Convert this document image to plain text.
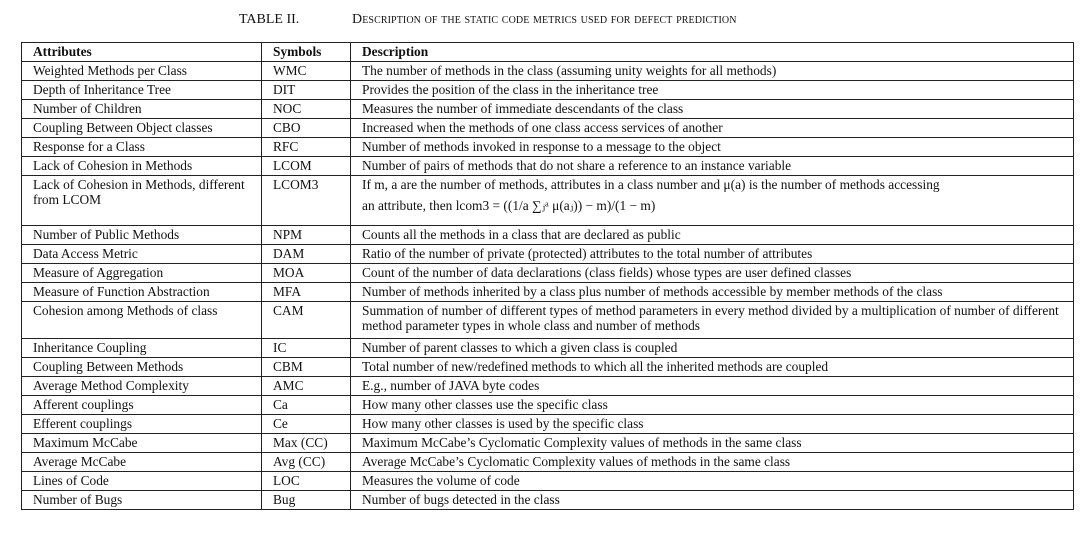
TABLE II.	Description of the static code metrics used for defect prediction
Attributes	Symbols	Description
Weighted Methods per Class	WMC	The number of methods in the class (assuming unity weights for all methods)
Depth of Inheritance Tree	DIT	Provides the position of the class in the inheritance tree
Number of Children	NOC	Measures the number of immediate descendants of the class
Coupling Between Object classes	CBO	Increased when the methods of one class access services of another
Response for a Class	RFC	Number of methods invoked in response to a message to the object
Lack of Cohesion in Methods	LCOM	Number of pairs of methods that do not share a reference to an instance variable
Lack of Cohesion in Methods, different from LCOM	LCOM3	If m, a are the number of methods, attributes in a class number and μ(a) is the number of methods accessing
an attribute, then lcom3 = ((1/a ∑ⱼᵃ μ(aⱼ)) − m)/(1 − m)

Number of Public Methods	NPM	Counts all the methods in a class that are declared as public
Data Access Metric	DAM	Ratio of the number of private (protected) attributes to the total number of attributes
Measure of Aggregation	MOA	Count of the number of data declarations (class fields) whose types are user defined classes
Measure of Function Abstraction	MFA	Number of methods inherited by a class plus number of methods accessible by member methods of the class
Cohesion among Methods of class	CAM	Summation of number of different types of method parameters in every method divided by a multiplication of number of different method parameter types in whole class and number of methods
Inheritance Coupling	IC	Number of parent classes to which a given class is coupled
Coupling Between Methods	CBM	Total number of new/redefined methods to which all the inherited methods are coupled
Average Method Complexity	AMC	E.g., number of JAVA byte codes
Afferent couplings	Ca	How many other classes use the specific class
Efferent couplings	Ce	How many other classes is used by the specific class
Maximum McCabe	Max (CC)	Maximum McCabe’s Cyclomatic Complexity values of methods in the same class
Average McCabe	Avg (CC)	Average McCabe’s Cyclomatic Complexity values of methods in the same class
Lines of Code	LOC	Measures the volume of code
Number of Bugs	Bug	Number of bugs detected in the class
